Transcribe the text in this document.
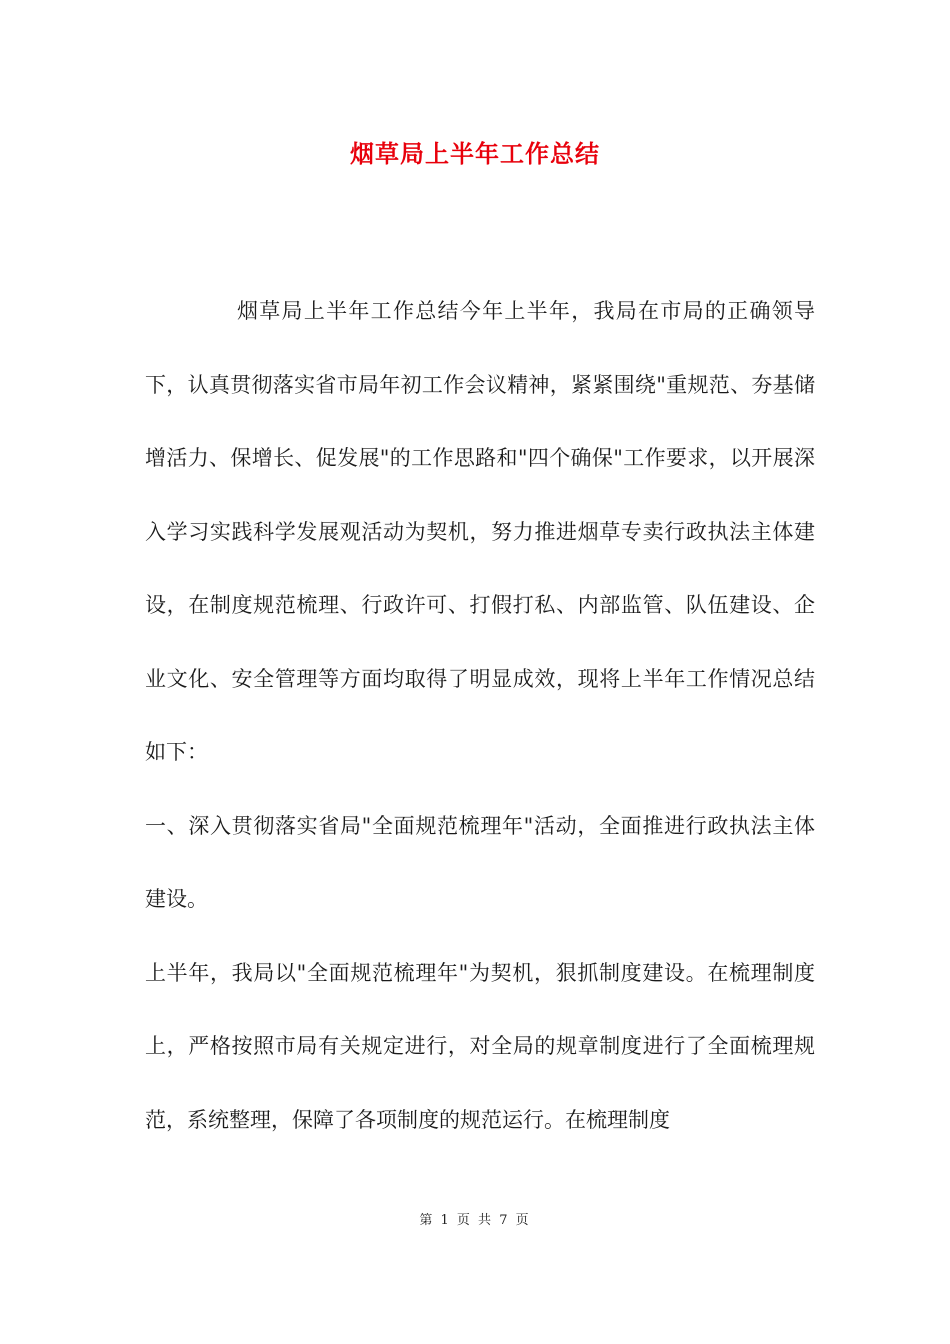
烟草局上半年工作总结

烟草局上半年工作总结今年上半年，我局在市局的正确领导下，认真贯彻落实省市局年初工作会议精神，紧紧围绕"重规范、夯基储增活力、保增长、促发展"的工作思路和"四个确保"工作要求，以开展深入学习实践科学发展观活动为契机，努力推进烟草专卖行政执法主体建设，在制度规范梳理、行政许可、打假打私、内部监管、队伍建设、企业文化、安全管理等方面均取得了明显成效，现将上半年工作情况总结如下：

一、深入贯彻落实省局"全面规范梳理年"活动，全面推进行政执法主体建设。

上半年，我局以"全面规范梳理年"为契机，狠抓制度建设。在梳理制度上，严格按照市局有关规定进行，对全局的规章制度进行了全面梳理规范，系统整理，保障了各项制度的规范运行。在梳理制度

第 1 页 共 7 页
